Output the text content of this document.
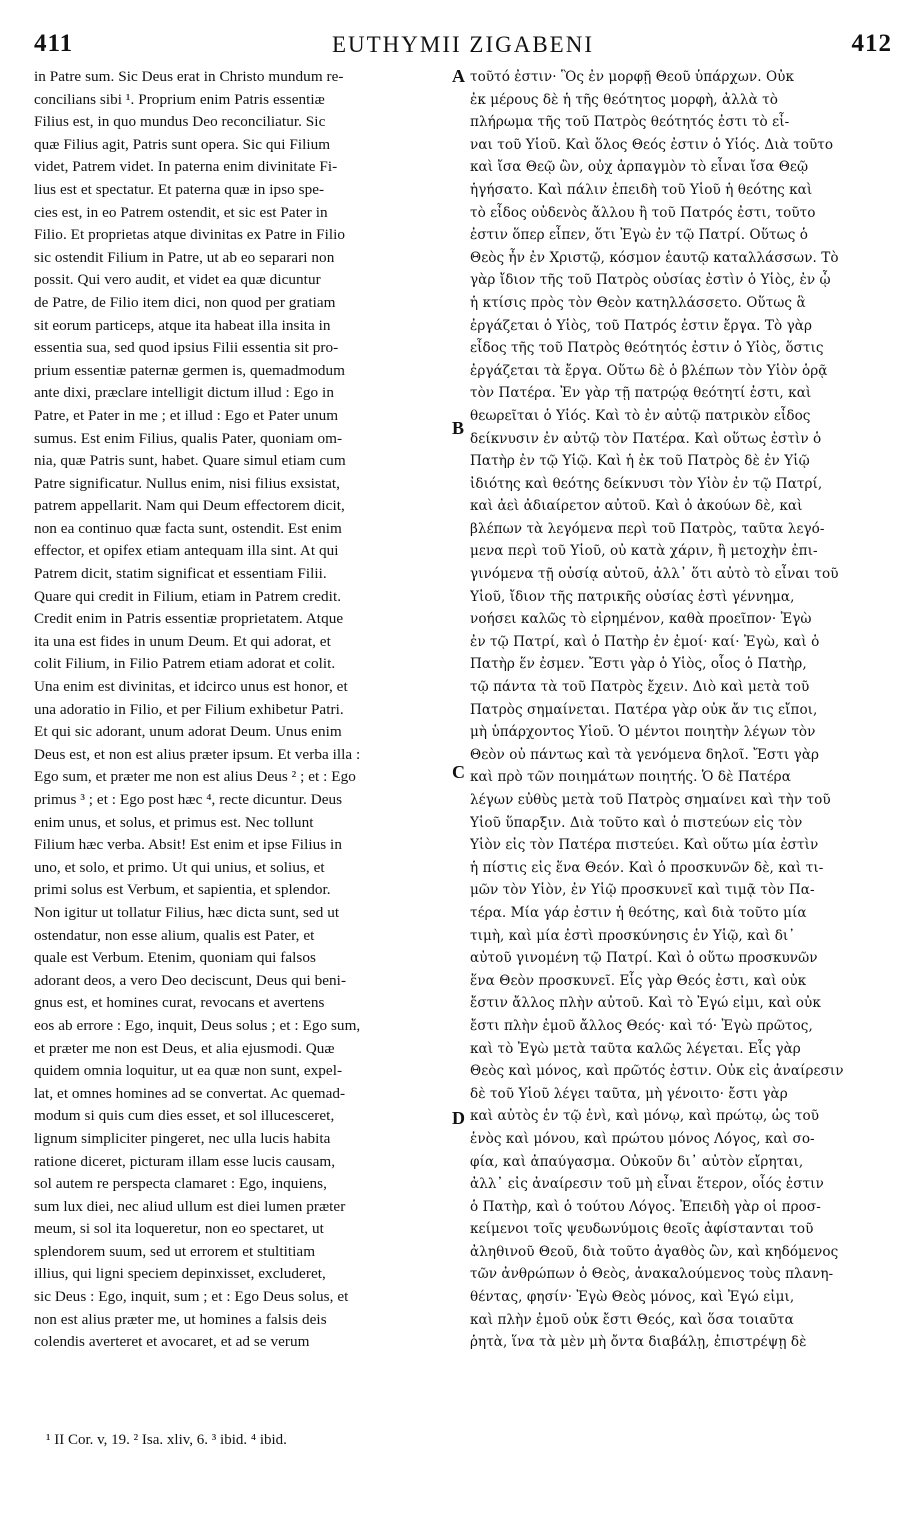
411	EUTHYMII ZIGABENI	412
in Patre sum. Sic Deus erat in Christo mundum re-
concilians sibi ¹. Proprium enim Patris essentiæ
Filius est, in quo mundus Deo reconciliatur. Sic
quæ Filius agit, Patris sunt opera. Sic qui Filium
videt, Patrem videt. In paterna enim divinitate Fi-
lius est et spectatur. Et paterna quæ in ipso spe-
cies est, in eo Patrem ostendit, et sic est Pater in
Filio. Et proprietas atque divinitas ex Patre in Filio
sic ostendit Filium in Patre, ut ab eo separari non
possit. Qui vero audit, et videt ea quæ dicuntur
de Patre, de Filio item dici, non quod per gratiam
sit eorum particeps, atque ita habeat illa insita in
essentia sua, sed quod ipsius Filii essentia sit pro-
prium essentiæ paternæ germen is, quemadmodum
ante dixi, præclare intelligit dictum illud : Ego in
Patre, et Pater in me ; et illud : Ego et Pater unum
sumus. Est enim Filius, qualis Pater, quoniam om-
nia, quæ Patris sunt, habet. Quare simul etiam cum
Patre significatur. Nullus enim, nisi filius exsistat,
patrem appellarit. Nam qui Deum effectorem dicit,
non ea continuo quæ facta sunt, ostendit. Est enim
effector, et opifex etiam antequam illa sint. At qui
Patrem dicit, statim significat et essentiam Filii.
Quare qui credit in Filium, etiam in Patrem credit.
Credit enim in Patris essentiæ proprietatem. Atque
ita una est fides in unum Deum. Et qui adorat, et
colit Filium, in Filio Patrem etiam adorat et colit.
Una enim est divinitas, et idcirco unus est honor, et
una adoratio in Filio, et per Filium exhibetur Patri.
Et qui sic adorant, unum adorat Deum. Unus enim
Deus est, et non est alius præter ipsum. Et verba illa :
Ego sum, et præter me non est alius Deus ² ; et : Ego
primus ³ ; et : Ego post hæc ⁴, recte dicuntur. Deus
enim unus, et solus, et primus est. Nec tollunt
Filium hæc verba. Absit! Est enim et ipse Filius in
uno, et solo, et primo. Ut qui unius, et solius, et
primi solus est Verbum, et sapientia, et splendor.
Non igitur ut tollatur Filius, hæc dicta sunt, sed ut
ostendatur, non esse alium, qualis est Pater, et
quale est Verbum. Etenim, quoniam qui falsos
adorant deos, a vero Deo deciscunt, Deus qui beni-
gnus est, et homines curat, revocans et avertens
eos ab errore : Ego, inquit, Deus solus ; et : Ego sum,
et præter me non est Deus, et alia ejusmodi. Quæ
quidem omnia loquitur, ut ea quæ non sunt, expel-
lat, et omnes homines ad se convertat. Ac quemad-
modum si quis cum dies esset, et sol illucesceret,
lignum simpliciter pingeret, nec ulla lucis habita
ratione diceret, picturam illam esse lucis causam,
sol autem re perspecta clamaret : Ego, inquiens,
sum lux diei, nec aliud ullum est diei lumen præter
meum, si sol ita loqueretur, non eo spectaret, ut
splendorem suum, sed ut errorem et stultitiam
illius, qui ligni speciem depinxisset, excluderet,
sic Deus : Ego, inquit, sum ; et : Ego Deus solus, et
non est alius præter me, ut homines a falsis deis
colendis averteret et avocaret, et ad se verum
τοῦτό ἐστιν· Ὃς ἐν μορφῇ Θεοῦ ὑπάρχων. Οὐκ
ἐκ μέρους δὲ ἡ τῆς θεότητος μορφὴ, ἀλλὰ τὸ
πλήρωμα τῆς τοῦ Πατρὸς θεότητός ἐστι τὸ εἶ-
ναι τοῦ Υἱοῦ. Καὶ ὅλος Θεός ἐστιν ὁ Υἱός. Διὰ τοῦτο
καὶ ἴσα Θεῷ ὢν, οὐχ ἁρπαγμὸν τὸ εἶναι ἴσα Θεῷ
ἡγήσατο. Καὶ πάλιν ἐπειδὴ τοῦ Υἱοῦ ἡ θεότης καὶ
τὸ εἶδος οὐδενὸς ἄλλου ἢ τοῦ Πατρός ἐστι, τοῦτο
ἐστιν ὅπερ εἶπεν, ὅτι Ἐγὼ ἐν τῷ Πατρί. Οὕτως ὁ
Θεὸς ἦν ἐν Χριστῷ, κόσμον ἑαυτῷ καταλλάσσων. Τὸ
γὰρ ἴδιον τῆς τοῦ Πατρὸς οὐσίας ἐστὶν ὁ Υἱὸς, ἐν ᾧ
ἡ κτίσις πρὸς τὸν Θεὸν κατηλλάσσετο. Οὕτως ἃ
ἐργάζεται ὁ Υἱὸς, τοῦ Πατρός ἐστιν ἔργα. Τὸ γὰρ
εἶδος τῆς τοῦ Πατρὸς θεότητός ἐστιν ὁ Υἱὸς, ὅστις
ἐργάζεται τὰ ἔργα. Οὕτω δὲ ὁ βλέπων τὸν Υἱὸν ὁρᾷ
τὸν Πατέρα. Ἐν γὰρ τῇ πατρῴᾳ θεότητί ἐστι, καὶ
θεωρεῖται ὁ Υἱός. Καὶ τὸ ἐν αὐτῷ πατρικὸν εἶδος
δείκνυσιν ἐν αὐτῷ τὸν Πατέρα. Καὶ οὕτως ἐστὶν ὁ
Πατὴρ ἐν τῷ Υἱῷ. Καὶ ἡ ἐκ τοῦ Πατρὸς δὲ ἐν Υἱῷ
ἰδιότης καὶ θεότης δείκνυσι τὸν Υἱὸν ἐν τῷ Πατρί,
καὶ ἀεὶ ἀδιαίρετον αὐτοῦ. Καὶ ὁ ἀκούων δὲ, καὶ
βλέπων τὰ λεγόμενα περὶ τοῦ Πατρὸς, ταῦτα λεγό-
μενα περὶ τοῦ Υἱοῦ, οὐ κατὰ χάριν, ἢ μετοχὴν ἐπι-
γινόμενα τῇ οὐσίᾳ αὐτοῦ, ἀλλ᾽ ὅτι αὐτὸ τὸ εἶναι τοῦ
Υἱοῦ, ἴδιον τῆς πατρικῆς οὐσίας ἐστὶ γέννημα,
νοήσει καλῶς τὸ εἰρημένον, καθὰ προεῖπον· Ἐγὼ
ἐν τῷ Πατρί, καὶ ὁ Πατὴρ ἐν ἐμοί· καί· Ἐγὼ, καὶ ὁ
Πατὴρ ἕν ἐσμεν. Ἔστι γὰρ ὁ Υἱὸς, οἷος ὁ Πατὴρ,
τῷ πάντα τὰ τοῦ Πατρὸς ἔχειν. Διὸ καὶ μετὰ τοῦ
Πατρὸς σημαίνεται. Πατέρα γὰρ οὐκ ἄν τις εἴποι,
μὴ ὑπάρχοντος Υἱοῦ. Ὁ μέντοι ποιητὴν λέγων τὸν
Θεὸν οὐ πάντως καὶ τὰ γενόμενα δηλοῖ. Ἔστι γὰρ
καὶ πρὸ τῶν ποιημάτων ποιητής. Ὁ δὲ Πατέρα
λέγων εὐθὺς μετὰ τοῦ Πατρὸς σημαίνει καὶ τὴν τοῦ
Υἱοῦ ὕπαρξιν. Διὰ τοῦτο καὶ ὁ πιστεύων εἰς τὸν
Υἱὸν εἰς τὸν Πατέρα πιστεύει. Καὶ οὕτω μία ἐστὶν
ἡ πίστις εἰς ἕνα Θεόν. Καὶ ὁ προσκυνῶν δὲ, καὶ τι-
μῶν τὸν Υἱὸν, ἐν Υἱῷ προσκυνεῖ καὶ τιμᾷ τὸν Πα-
τέρα. Μία γάρ ἐστιν ἡ θεότης, καὶ διὰ τοῦτο μία
τιμὴ, καὶ μία ἐστὶ προσκύνησις ἐν Υἱῷ, καὶ δι᾽
αὐτοῦ γινομένη τῷ Πατρί. Καὶ ὁ οὕτω προσκυνῶν
ἕνα Θεὸν προσκυνεῖ. Εἷς γὰρ Θεός ἐστι, καὶ οὐκ
ἔστιν ἄλλος πλὴν αὐτοῦ. Καὶ τὸ Ἐγώ εἰμι, καὶ οὐκ
ἔστι πλὴν ἐμοῦ ἄλλος Θεός· καὶ τό· Ἐγὼ πρῶτος,
καὶ τὸ Ἐγὼ μετὰ ταῦτα καλῶς λέγεται. Εἷς γὰρ
Θεὸς καὶ μόνος, καὶ πρῶτός ἐστιν. Οὐκ εἰς ἀναίρεσιν
δὲ τοῦ Υἱοῦ λέγει ταῦτα, μὴ γένοιτο· ἔστι γὰρ
καὶ αὐτὸς ἐν τῷ ἑνὶ, καὶ μόνῳ, καὶ πρώτῳ, ὡς τοῦ
ἑνὸς καὶ μόνου, καὶ πρώτου μόνος Λόγος, καὶ σο-
φία, καὶ ἀπαύγασμα. Οὐκοῦν δι᾽ αὐτὸν εἴρηται,
ἀλλ᾽ εἰς ἀναίρεσιν τοῦ μὴ εἶναι ἕτερον, οἷός ἐστιν
ὁ Πατὴρ, καὶ ὁ τούτου Λόγος. Ἐπειδὴ γὰρ οἱ προσ-
κείμενοι τοῖς ψευδωνύμοις θεοῖς ἀφίστανται τοῦ
ἀληθινοῦ Θεοῦ, διὰ τοῦτο ἀγαθὸς ὢν, καὶ κηδόμενος
τῶν ἀνθρώπων ὁ Θεὸς, ἀνακαλούμενος τοὺς πλανη-
θέντας, φησίν· Ἐγὼ Θεὸς μόνος, καὶ Ἐγώ εἰμι,
καὶ πλὴν ἐμοῦ οὐκ ἔστι Θεός, καὶ ὅσα τοιαῦτα
ῥητὰ, ἵνα τὰ μὲν μὴ ὄντα διαβάλῃ, ἐπιστρέψῃ δὲ
A
B
C
D
¹ II Cor. v, 19. ² Isa. xliv, 6. ³ ibid. ⁴ ibid.
